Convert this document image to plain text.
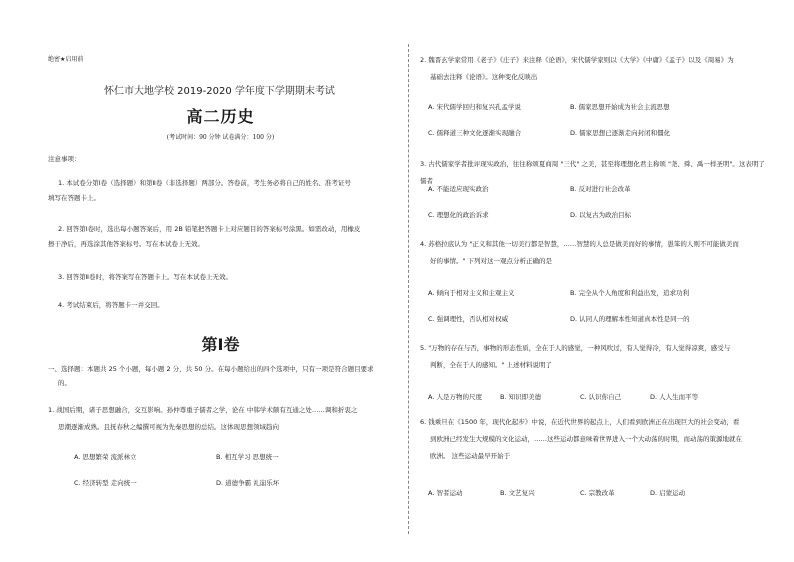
绝密★启用前
怀仁市大地学校 2019-2020 学年度下学期期末考试
高二历史
(考试时间：90 分钟 试卷满分：100 分)
注意事项：
1. 本试卷分第Ⅰ卷（选择题）和第Ⅱ卷（非选择题）两部分。答卷前，考生务必将自己的姓名、准考证号
填写在答题卡上。
2. 回答第Ⅰ卷时，选出每小题答案后，用 2B 铅笔把答题卡上对应题目的答案标号涂黑。如需改动，用橡皮
擦干净后，再选涂其他答案标号。写在本试卷上无效。
3. 回答第Ⅱ卷时，将答案写在答题卡上。写在本试卷上无效。
4. 考试结束后，将答题卡一并交回。
第Ⅰ卷
一、选择题：本题共 25 个小题，每小题 2 分，共 50 分。在每小题给出的四个选项中，只有一项是符合题目要求
的。
1. 战国后期，诸子思想融合，交互影响。孙仲尊重子儒者之学，论在 中韩学术颇有互通之处……调和折衷之
思潮逐渐成熟。且抚春秋之编撰可视为先秦思想的总结。这体现思想领域趋向
A. 思想繁荣 流派林立	B. 相互学习 思想统一
C. 经济转型 走向统一	D. 道德争霸 礼崩乐坏
2. 魏晋玄学家常用《老子》《庄子》来注释《论语》，宋代儒学家则以《大学》《中庸》《孟子》以及《周易》为
基础去注释《论语》。这种变化反映出
A. 宋代儒学回归和复兴孔孟学说	B. 儒家思想开始成为社会主流思想
C. 儒释道三种文化逐渐实现融合	D. 儒家思想已逐渐走向封闭和僵化
3. 古代儒家学者批评现实政治，往往称颂夏商周 "三代" 之美，甚至将理想化君主称颂 "尧、舜、禹一样圣明"。这表明了儒者
A. 不能适应现实政治	B. 反对进行社会改革
C. 理想化的政治诉求	D. 以复古为政治目标
4. 苏格拉底认为 "正义和其他一切美行都是智慧，……智慧的人总是做美而好的事情，愚笨的人则不可能做美而
好的事情。" 下列对这一观点分析正确的是
A. 倾向于相对主义和主观主义	B. 完全从个人角度和利益出发，追求功利
C. 强调理性，否认相对权威	D. 认同人的理解本性知道真本性是同一的
5. "万物的存在与否，事物的形态性质，全在于人的感觉，一种风吹过，有人觉得冷，有人觉得凉爽，感受与
判断，全在于人的感知。" 上述材料说明了
A. 人是万物的尺度	B. 知识即美德	C. 认识你自己	D. 人人生而平等
6. 钱乘旦在《1500 年，现代化起步》中说，在近代世界的起点上，人们看到欧洲正在出现巨大的社会变动，看
到欧洲已经发生大规模的文化运动，……这些运动都意味着世界进入一个大动荡的时期，而动荡的策源地就在
欧洲。 这些运动最早开始于
A. 智者运动	B. 文艺复兴	C. 宗教改革	D. 启蒙运动
